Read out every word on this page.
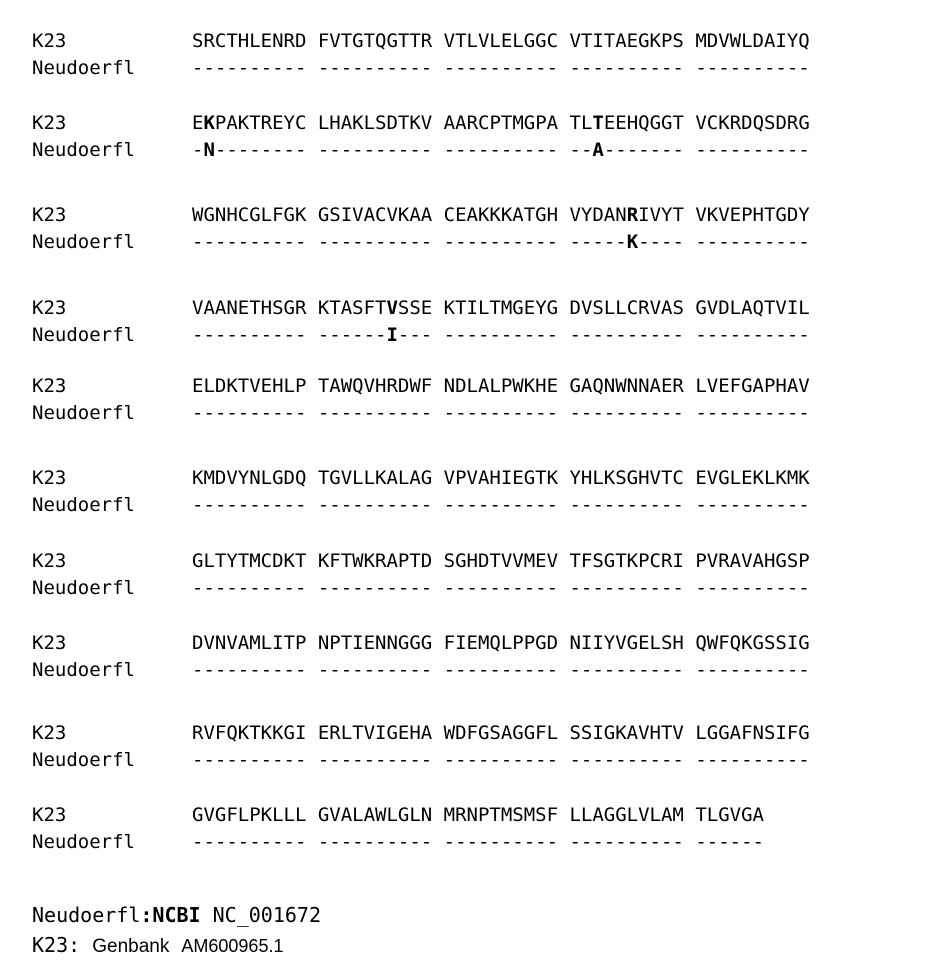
K23	SRCTHLENRD FVTGTQGTTR VTLVLELGGC VTITAEGKPS MDVWLDAIYQ
Neudoerfl	---------- ---------- ---------- ---------- ----------
K23	EKPAKTREYC LHAKLSDTKV AARCPTMGPA TLTEEHQGGT VCKRDQSDRG
Neudoerfl	-N-------- ---------- ---------- --A------- ----------
K23	WGNHCGLFGK GSIVACVKAA CEAKKKATGH VYDANRIVYT VKVEPHTGDY
Neudoerfl	---------- ---------- ---------- -----K---- ----------
K23	VAANETHSGR KTASFTVSSE KTILTMGEYG DVSLLCRVAS GVDLAQTVIL
Neudoerfl	---------- ------I--- ---------- ---------- ----------
K23	ELDKTVEHLP TAWQVHRDWF NDLALPWKHE GAQNWNNAER LVEFGAPHAV
Neudoerfl	---------- ---------- ---------- ---------- ----------
K23	KMDVYNLGDQ TGVLLKALAG VPVAHIEGTK YHLKSGHVTC EVGLEKLKMK
Neudoerfl	---------- ---------- ---------- ---------- ----------
K23	GLTYTMCDKT KFTWKRAPTD SGHDTVVMEV TFSGTKPCRI PVRAVAHGSP
Neudoerfl	---------- ---------- ---------- ---------- ----------
K23	DVNVAMLITP NPTIENNGGG FIEMQLPPGD NIIYVGELSH QWFQKGSSIG
Neudoerfl	---------- ---------- ---------- ---------- ----------
K23	RVFQKTKKGI ERLTVIGEHA WDFGSAGGFL SSIGKAVHTV LGGAFNSIFG
Neudoerfl	---------- ---------- ---------- ---------- ----------
K23	GVGFLPKLLL GVALAWLGLN MRNPTMSMSF LLAGGLVLAM TLGVGA
Neudoerfl	---------- ---------- ---------- ---------- ------
Neudoerfl:NCBI NC_001672
K23: Genbank AM600965.1
